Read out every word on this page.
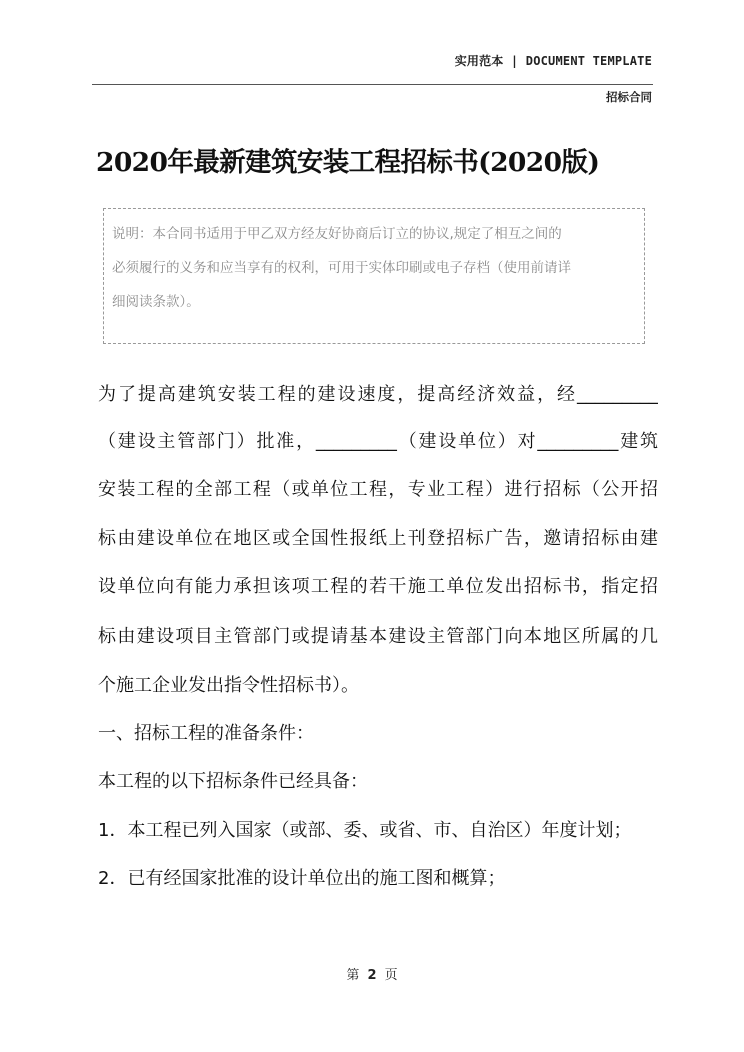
实用范本 | DOCUMENT TEMPLATE
招标合同
2020年最新建筑安装工程招标书(2020版)
说明：本合同书适用于甲乙双方经友好协商后订立的协议,规定了相互之间的
必须履行的义务和应当享有的权利，可用于实体印刷或电子存档（使用前请详
细阅读条款）。
为了提高建筑安装工程的建设速度，提高经济效益，经_________
（建设主管部门）批准，_________（建设单位）对_________建筑
安装工程的全部工程（或单位工程，专业工程）进行招标（公开招
标由建设单位在地区或全国性报纸上刊登招标广告，邀请招标由建
设单位向有能力承担该项工程的若干施工单位发出招标书，指定招
标由建设项目主管部门或提请基本建设主管部门向本地区所属的几
个施工企业发出指令性招标书）。
一、招标工程的准备条件：
本工程的以下招标条件已经具备：
1．本工程已列入国家（或部、委、或省、市、自治区）年度计划；
2．已有经国家批准的设计单位出的施工图和概算；
第 2 页
